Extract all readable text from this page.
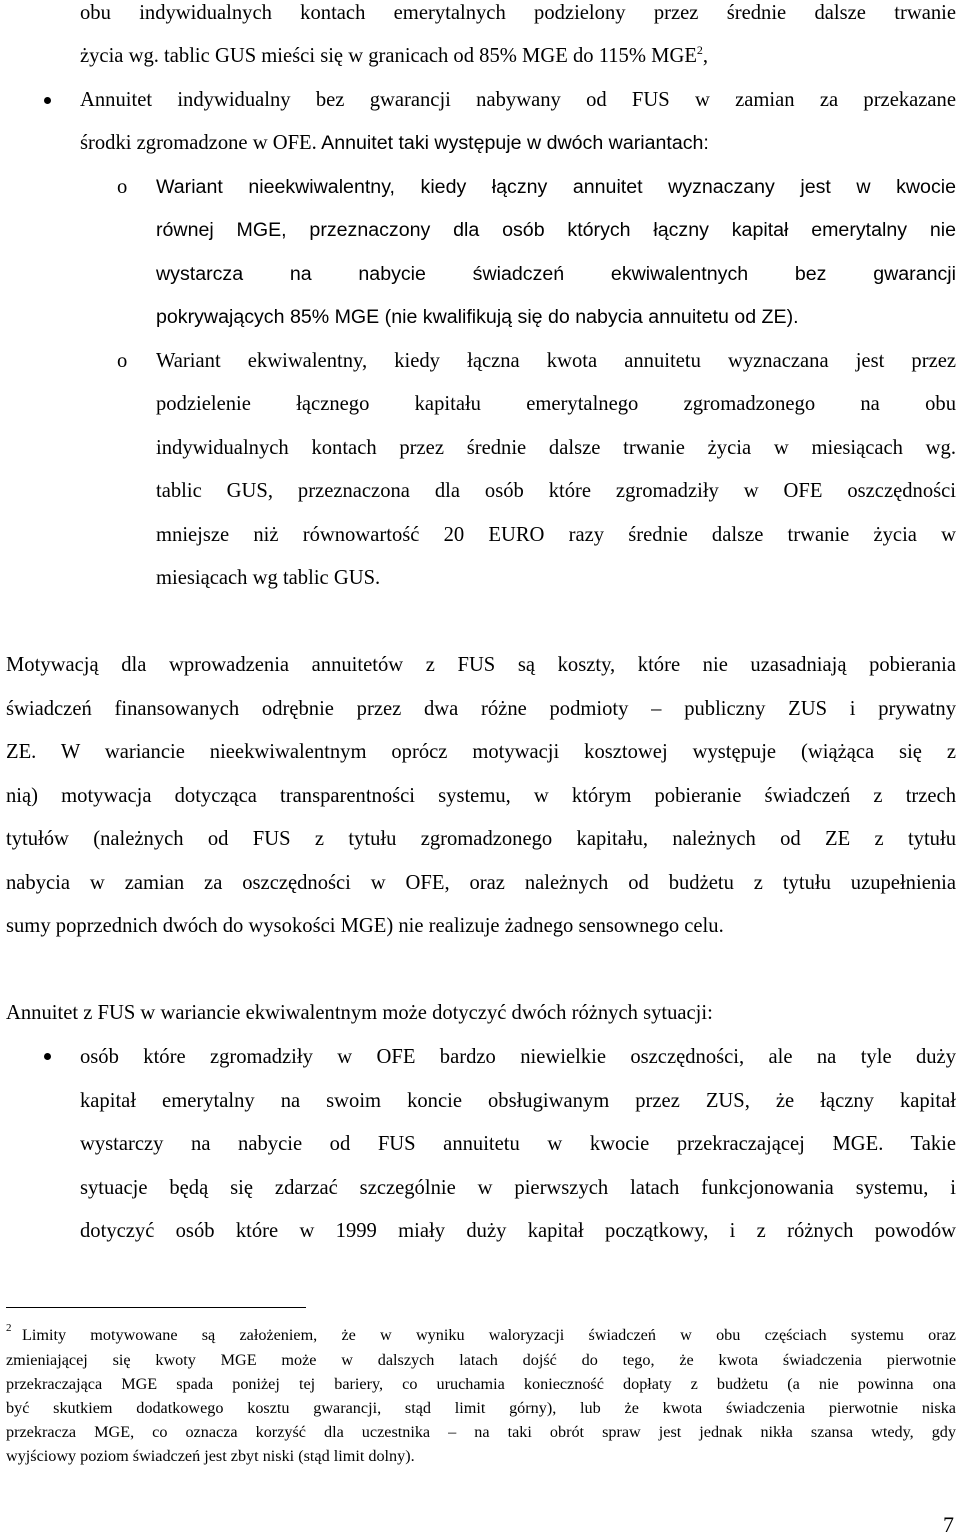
obu indywidualnych kontach emerytalnych podzielony przez średnie dalsze trwanie

życia wg. tablic GUS mieści się w granicach od 85% MGE do 115% MGE$^2$,

Annuitet indywidualny bez gwarancji nabywany od FUS w zamian za przekazane

środki zgromadzone w OFE. Annuitet taki występuje w dwóch wariantach:

o Wariant nieekwiwalentny, kiedy łączny annuitet wyznaczany jest w kwocie

równej MGE, przeznaczony dla osób których łączny kapitał emerytalny nie

wystarcza na nabycie świadczeń ekwiwalentnych bez gwarancji

pokrywających 85% MGE (nie kwalifikują się do nabycia annuitetu od ZE).

o Wariant ekwiwalentny, kiedy łączna kwota annuitetu wyznaczana jest przez

podzielenie łącznego kapitału emerytalnego zgromadzonego na obu

indywidualnych kontach przez średnie dalsze trwanie życia w miesiącach wg.

tablic GUS, przeznaczona dla osób które zgromadziły w OFE oszczędności

mniejsze niż równowartość 20 EURO razy średnie dalsze trwanie życia w

miesiącach wg tablic GUS.

Motywacją dla wprowadzenia annuitetów z FUS są koszty, które nie uzasadniają pobierania

świadczeń finansowanych odrębnie przez dwa różne podmioty – publiczny ZUS i prywatny

ZE. W wariancie nieekwiwalentnym oprócz motywacji kosztowej występuje (wiążąca się z

nią) motywacja dotycząca transparentności systemu, w którym pobieranie świadczeń z trzech

tytułów (należnych od FUS z tytułu zgromadzonego kapitału, należnych od ZE z tytułu

nabycia w zamian za oszczędności w OFE, oraz należnych od budżetu z tytułu uzupełnienia

sumy poprzednich dwóch do wysokości MGE) nie realizuje żadnego sensownego celu.

Annuitet z FUS w wariancie ekwiwalentnym może dotyczyć dwóch różnych sytuacji:

osób które zgromadziły w OFE bardzo niewielkie oszczędności, ale na tyle duży

kapitał emerytalny na swoim koncie obsługiwanym przez ZUS, że łączny kapitał

wystarczy na nabycie od FUS annuitetu w kwocie przekraczającej MGE. Takie

sytuacje będą się zdarzać szczególnie w pierwszych latach funkcjonowania systemu, i

dotyczyć osób które w 1999 miały duży kapitał początkowy, i z różnych powodów

2 Limity motywowane są założeniem, że w wyniku waloryzacji świadczeń w obu częściach systemu oraz

zmieniającej się kwoty MGE może w dalszych latach dojść do tego, że kwota świadczenia pierwotnie

przekraczająca MGE spada poniżej tej bariery, co uruchamia konieczność dopłaty z budżetu (a nie powinna ona

być skutkiem dodatkowego kosztu gwarancji, stąd limit górny), lub że kwota świadczenia pierwotnie niska

przekracza MGE, co oznacza korzyść dla uczestnika – na taki obrót spraw jest jednak nikła szansa wtedy, gdy

wyjściowy poziom świadczeń jest zbyt niski (stąd limit dolny).

7
